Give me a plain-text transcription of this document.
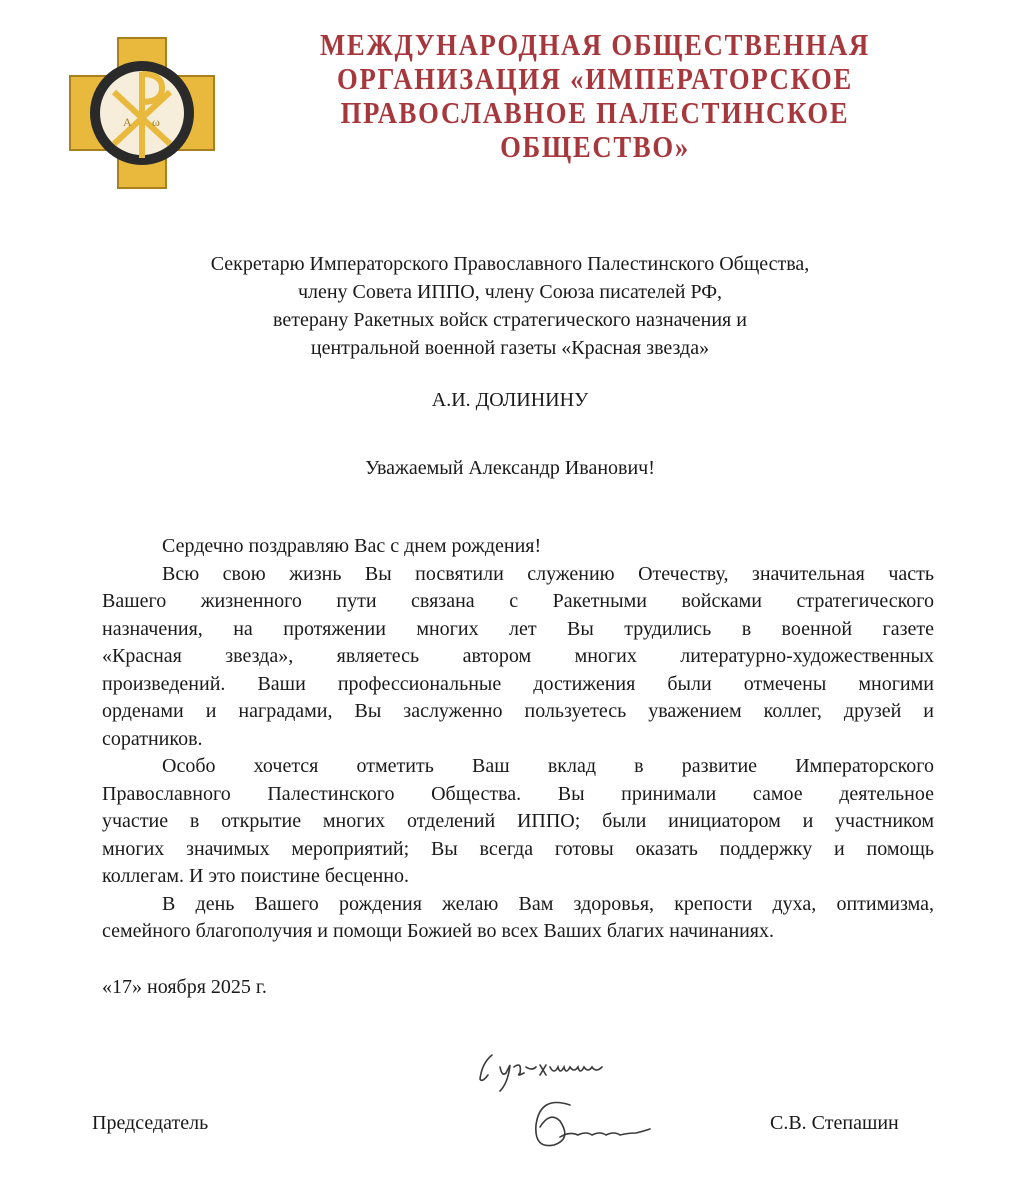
A ω
МЕЖДУНАРОДНАЯ ОБЩЕСТВЕННАЯ
ОРГАНИЗАЦИЯ «ИМПЕРАТОРСКОЕ
ПРАВОСЛАВНОЕ ПАЛЕСТИНСКОЕ ОБЩЕСТВО»
Секретарю Императорского Православного Палестинского Общества,
члену Совета ИППО, члену Союза писателей РФ,
ветерану Ракетных войск стратегического назначения и
центральной военной газеты «Красная звезда»
А.И. ДОЛИНИНУ
Уважаемый Александр Иванович!
Сердечно поздравляю Вас с днем рождения!
Всю свою жизнь Вы посвятили служению Отечеству, значительная часть
Вашего жизненного пути связана с Ракетными войсками стратегического
назначения, на протяжении многих лет Вы трудились в военной газете
«Красная звезда», являетесь автором многих литературно-художественных
произведений. Ваши профессиональные достижения были отмечены многими
орденами и наградами, Вы заслуженно пользуетесь уважением коллег, друзей и
соратников.
Особо хочется отметить Ваш вклад в развитие Императорского
Православного Палестинского Общества. Вы принимали самое деятельное
участие в открытие многих отделений ИППО; были инициатором и участником
многих значимых мероприятий; Вы всегда готовы оказать поддержку и помощь
коллегам. И это поистине бесценно.
В день Вашего рождения желаю Вам здоровья, крепости духа, оптимизма,
семейного благополучия и помощи Божией во всех Ваших благих начинаниях.
«17» ноября 2025 г.
Председатель	С.В. Степашин
